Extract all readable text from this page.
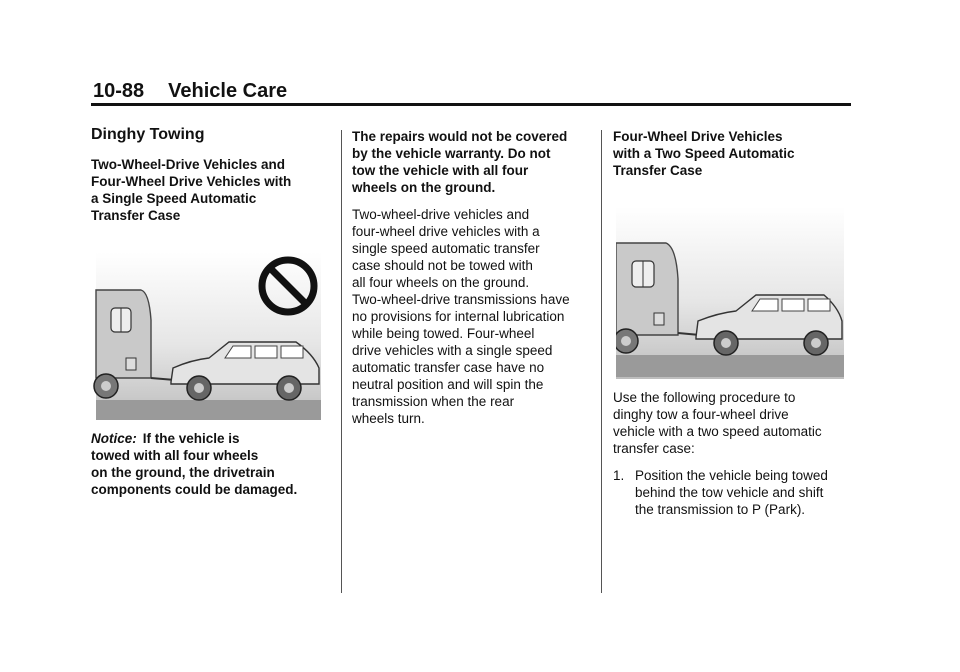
10-88 Vehicle Care
Dinghy Towing

Two-Wheel-Drive Vehicles and

Four-Wheel Drive Vehicles with

a Single Speed Automatic

Transfer Case

Notice: If the vehicle is

towed with all four wheels

on the ground, the drivetrain

components could be damaged.

The repairs would not be covered

by the vehicle warranty. Do not

tow the vehicle with all four

wheels on the ground.

Two-wheel-drive vehicles and

four-wheel drive vehicles with a

single speed automatic transfer

case should not be towed with

all four wheels on the ground.

Two-wheel-drive transmissions have

no provisions for internal lubrication

while being towed. Four-wheel

drive vehicles with a single speed

automatic transfer case have no

neutral position and will spin the

transmission when the rear

wheels turn.

Four-Wheel Drive Vehicles

with a Two Speed Automatic

Transfer Case

Use the following procedure to

dinghy tow a four-wheel drive

vehicle with a two speed automatic

transfer case:

1. Position the vehicle being towed
behind the tow vehicle and shift
the transmission to P (Park).
